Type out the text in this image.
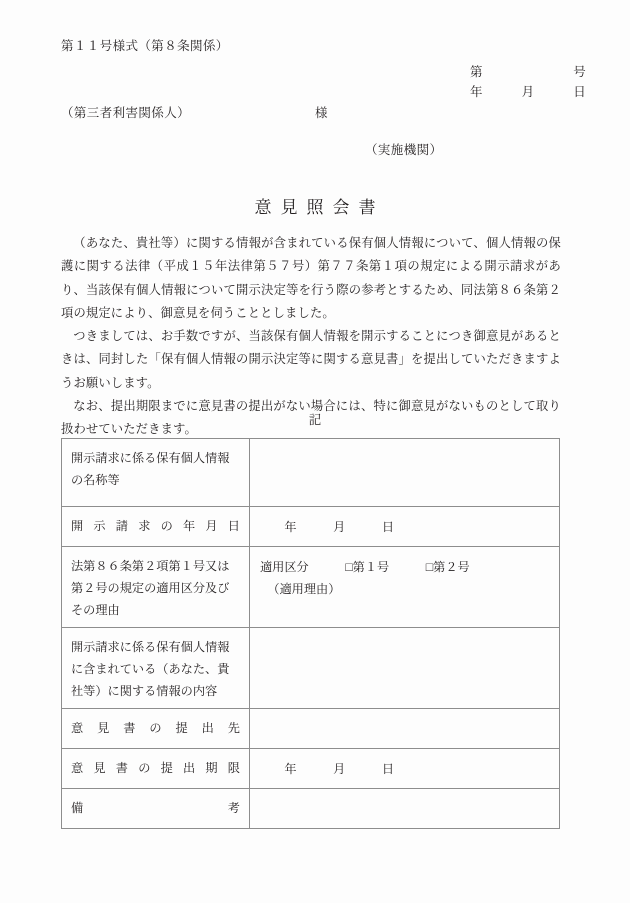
第１１号様式（第８条関係）
第　　　　　　　号
年　　　月　　　日
（第三者利害関係人）	様
（実施機関）
意見照会書

（あなた、貴社等）に関する情報が含まれている保有個人情報について、個人情報の保護に関する法律（平成１５年法律第５７号）第７７条第１項の規定による開示請求があり、当該保有個人情報について開示決定等を行う際の参考とするため、同法第８６条第２項の規定により、御意見を伺うこととしました。

つきましては、お手数ですが、当該保有個人情報を開示することにつき御意見があるときは、同封した「保有個人情報の開示決定等に関する意見書」を提出していただきますようお願いします。

なお、提出期限までに意見書の提出がない場合には、特に御意見がないものとして取り扱わせていただきます。

記
開示請求に係る保有個人情報の名称等	

開示請求の年月日	　　年　　　月　　　日

法第８６条第２項第１号又は第２号の規定の適用区分及びその理由	適用区分　　　□第１号　　　□第２号
（適用理由）

開示請求に係る保有個人情報に含まれている（あなた、貴社等）に関する情報の内容	

意見書の提出先	

意見書の提出期限	　　年　　　月　　　日

備考	
